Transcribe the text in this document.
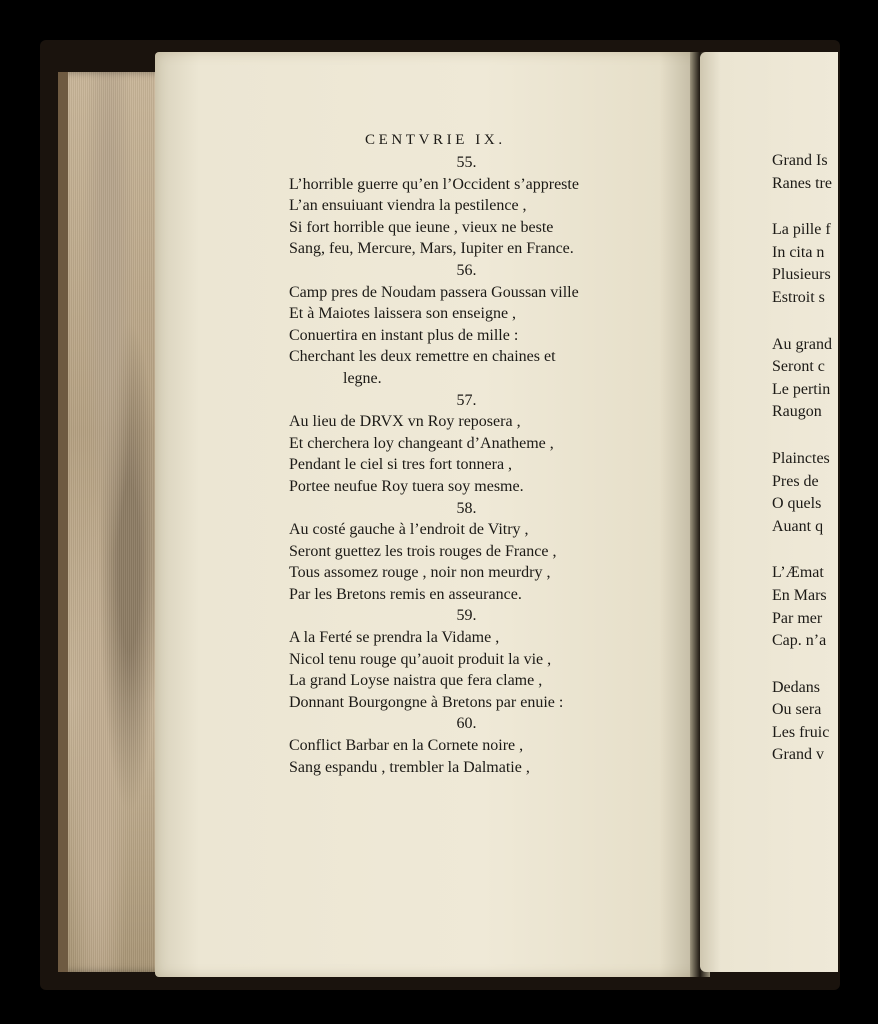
CENTVRIE IX.
55.
L’horrible guerre qu’en l’Occident s’appreste
L’an ensuiuant viendra la pestilence ,
Si fort horrible que ieune , vieux ne beste
Sang, feu, Mercure, Mars, Iupiter en France.
56.
Camp pres de Noudam passera Goussan ville
Et à Maiotes laissera son enseigne ,
Conuertira en instant plus de mille :
Cherchant les deux remettre en chaines et
legne.
57.
Au lieu de DRVX vn Roy reposera ,
Et cherchera loy changeant d’Anatheme ,
Pendant le ciel si tres fort tonnera ,
Portee neufue Roy tuera soy mesme.
58.
Au costé gauche à l’endroit de Vitry ,
Seront guettez les trois rouges de France ,
Tous assomez rouge , noir non meurdry ,
Par les Bretons remis en asseurance.
59.
A la Ferté se prendra la Vidame ,
Nicol tenu rouge qu’auoit produit la vie ,
La grand Loyse naistra que fera clame ,
Donnant Bourgongne à Bretons par enuie :
60.
Conflict Barbar en la Cornete noire ,
Sang espandu , trembler la Dalmatie ,
Grand Is
Ranes tre
La pille f
In cita n
Plusieurs
Estroit s
Au grand
Seront c
Le pertin
Raugon
Plainctes
Pres de
O quels
Auant q
L’Æmat
En Mars
Par mer
Cap. n’a
Dedans
Ou sera
Les fruic
Grand v
